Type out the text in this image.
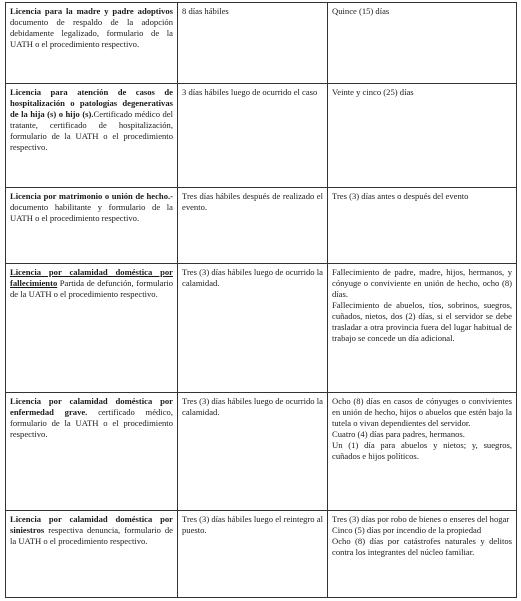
Licencia para la madre y padre adoptivos documento de respaldo de la adopción debidamente legalizado, formulario de la UATH o el procedimiento respectivo.	8 días hábiles	Quince (15) días

Licencia para atención de casos de hospitalización o patologías degenerativas de la hija (s) o hijo (s).Certificado médico del tratante, certificado de hospitalización, formulario de la UATH o el procedimiento respectivo.	3 días hábiles luego de ocurrido el caso	Veinte y cinco (25) días

Licencia por matrimonio o unión de hecho.- documento habilitante y formulario de la UATH o el procedimiento respectivo.	Tres días hábiles después de realizado el evento.	Tres (3) días antes o después del evento

Licencia por calamidad doméstica por fallecimiento Partida de defunción, formulario de la UATH o el procedimiento respectivo.	Tres (3) días hábiles luego de ocurrido la calamidad.	Fallecimiento de padre, madre, hijos, hermanos, y cónyuge o conviviente en unión de hecho, ocho (8) días.
Fallecimiento de abuelos, tíos, sobrinos, suegros, cuñados, nietos, dos (2) días, si el servidor se debe trasladar a otra provincia fuera del lugar habitual de trabajo se concede un día adicional.

Licencia por calamidad doméstica por enfermedad grave. certificado médico, formulario de la UATH o el procedimiento respectivo.	Tres (3) días hábiles luego de ocurrido la calamidad.	Ocho (8) días en casos de cónyuges o convivientes en unión de hecho, hijos o abuelos que estén bajo la tutela o vivan dependientes del servidor.
Cuatro (4) días para padres, hermanos.
Un (1) día para abuelos y nietos; y, suegros, cuñados e hijos políticos.

Licencia por calamidad doméstica por siniestros respectiva denuncia, formulario de la UATH o el procedimiento respectivo.	Tres (3) días hábiles luego el reintegro al puesto.	Tres (3) días por robo de bienes o enseres del hogar
Cinco (5) días por incendio de la propiedad
Ocho (8) días por catástrofes naturales y delitos contra los integrantes del núcleo familiar.
